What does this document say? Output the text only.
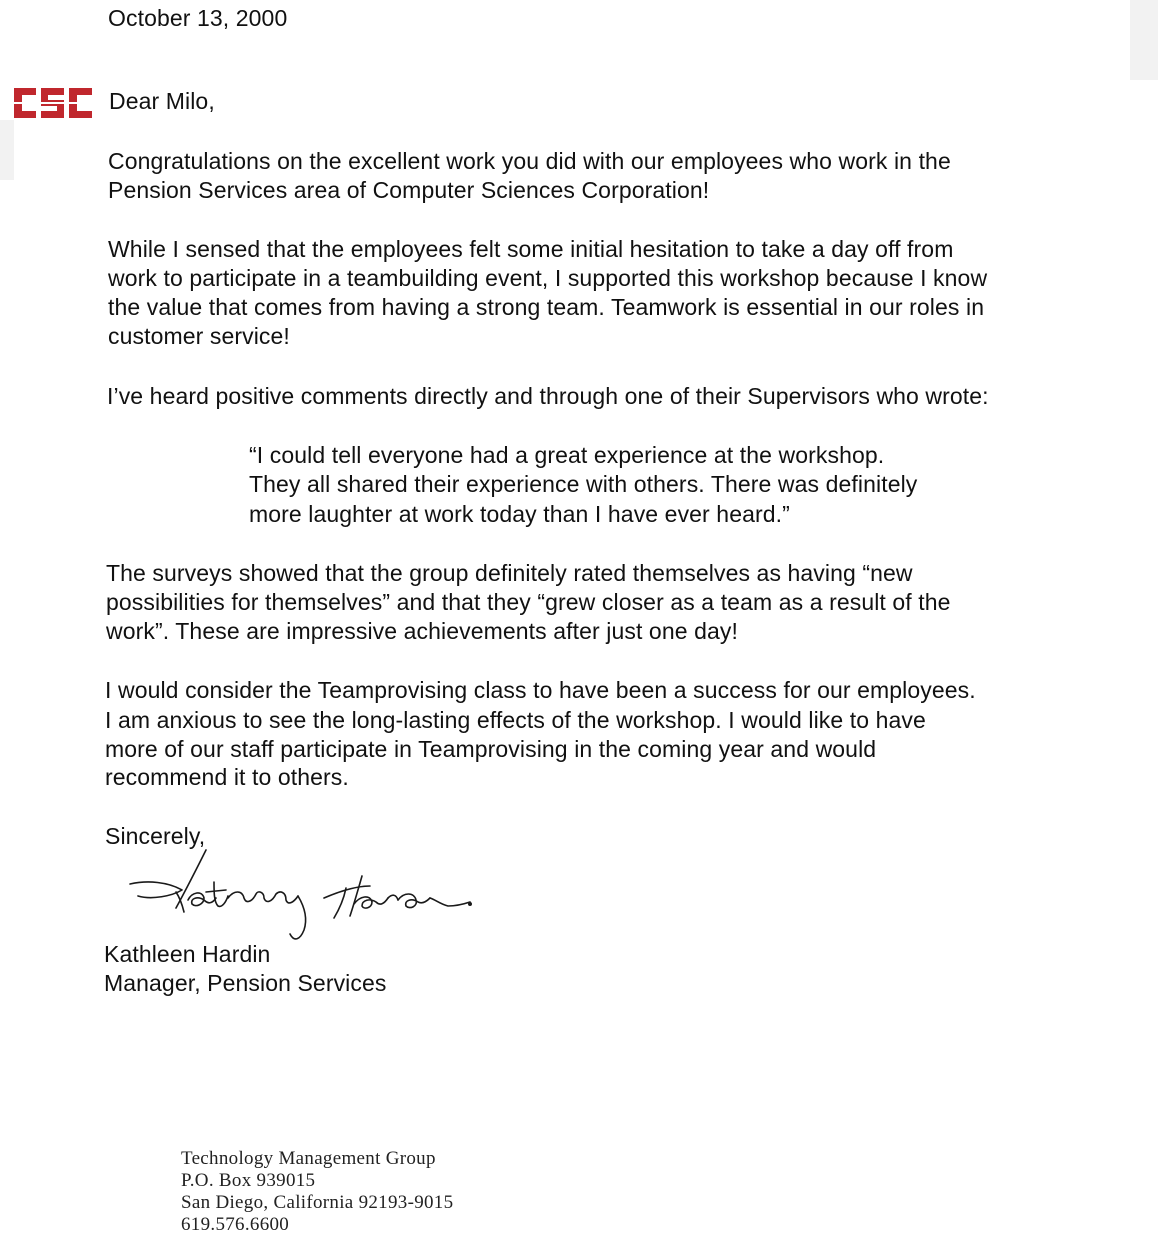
October 13, 2000
Dear Milo,
Congratulations on the excellent work you did with our employees who work in the
Pension Services area of Computer Sciences Corporation!
While I sensed that the employees felt some initial hesitation to take a day off from
work to participate in a teambuilding event, I supported this workshop because I know
the value that comes from having a strong team. Teamwork is essential in our roles in
customer service!
I’ve heard positive comments directly and through one of their Supervisors who wrote:
“I could tell everyone had a great experience at the workshop.
They all shared their experience with others. There was definitely
more laughter at work today than I have ever heard.”
The surveys showed that the group definitely rated themselves as having “new
possibilities for themselves” and that they “grew closer as a team as a result of the
work”. These are impressive achievements after just one day!
I would consider the Teamprovising class to have been a success for our employees.
I am anxious to see the long-lasting effects of the workshop. I would like to have
more of our staff participate in Teamprovising in the coming year and would
recommend it to others.
Sincerely,
Kathleen Hardin
Manager, Pension Services
Technology Management Group
P.O. Box 939015
San Diego, California 92193-9015
619.576.6600
